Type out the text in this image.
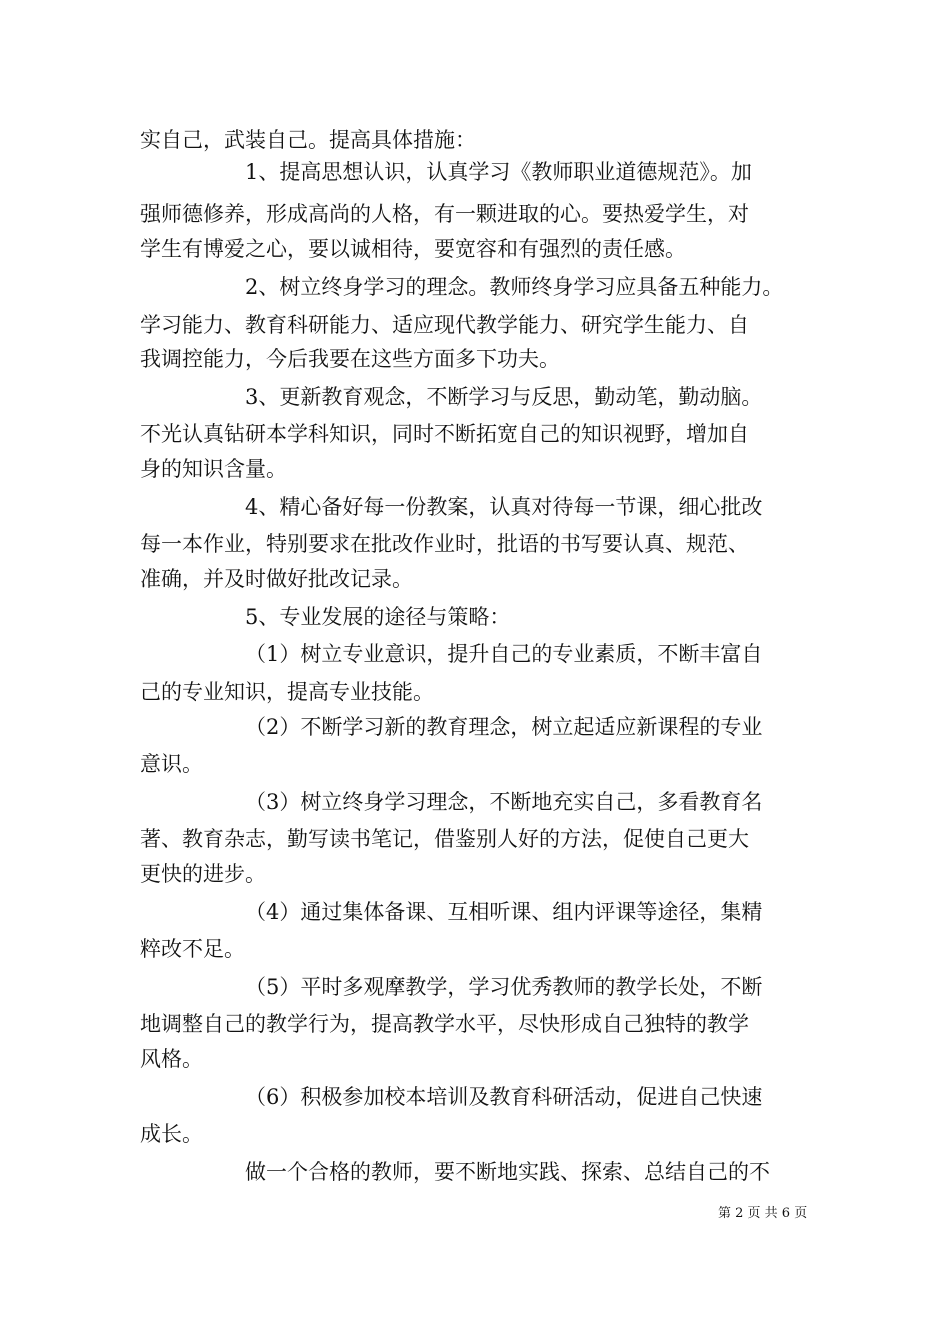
实自己，武装自己。提高具体措施：
1、提高思想认识，认真学习《教师职业道德规范》。加
强师德修养，形成高尚的人格，有一颗进取的心。要热爱学生，对
学生有博爱之心，要以诚相待，要宽容和有强烈的责任感。
2、树立终身学习的理念。教师终身学习应具备五种能力。
学习能力、教育科研能力、适应现代教学能力、研究学生能力、自
我调控能力，今后我要在这些方面多下功夫。
3、更新教育观念，不断学习与反思，勤动笔，勤动脑。
不光认真钻研本学科知识，同时不断拓宽自己的知识视野，增加自
身的知识含量。
4、精心备好每一份教案，认真对待每一节课，细心批改
每一本作业，特别要求在批改作业时，批语的书写要认真、规范、
准确，并及时做好批改记录。
5、专业发展的途径与策略：
（1）树立专业意识，提升自己的专业素质，不断丰富自
己的专业知识，提高专业技能。
（2）不断学习新的教育理念，树立起适应新课程的专业
意识。
（3）树立终身学习理念，不断地充实自己，多看教育名
著、教育杂志，勤写读书笔记，借鉴别人好的方法，促使自己更大
更快的进步。
（4）通过集体备课、互相听课、组内评课等途径，集精
粹改不足。
（5）平时多观摩教学，学习优秀教师的教学长处，不断
地调整自己的教学行为，提高教学水平，尽快形成自己独特的教学
风格。
（6）积极参加校本培训及教育科研活动，促进自己快速
成长。
做一个合格的教师，要不断地实践、探索、总结自己的不
第 2 页 共 6 页
